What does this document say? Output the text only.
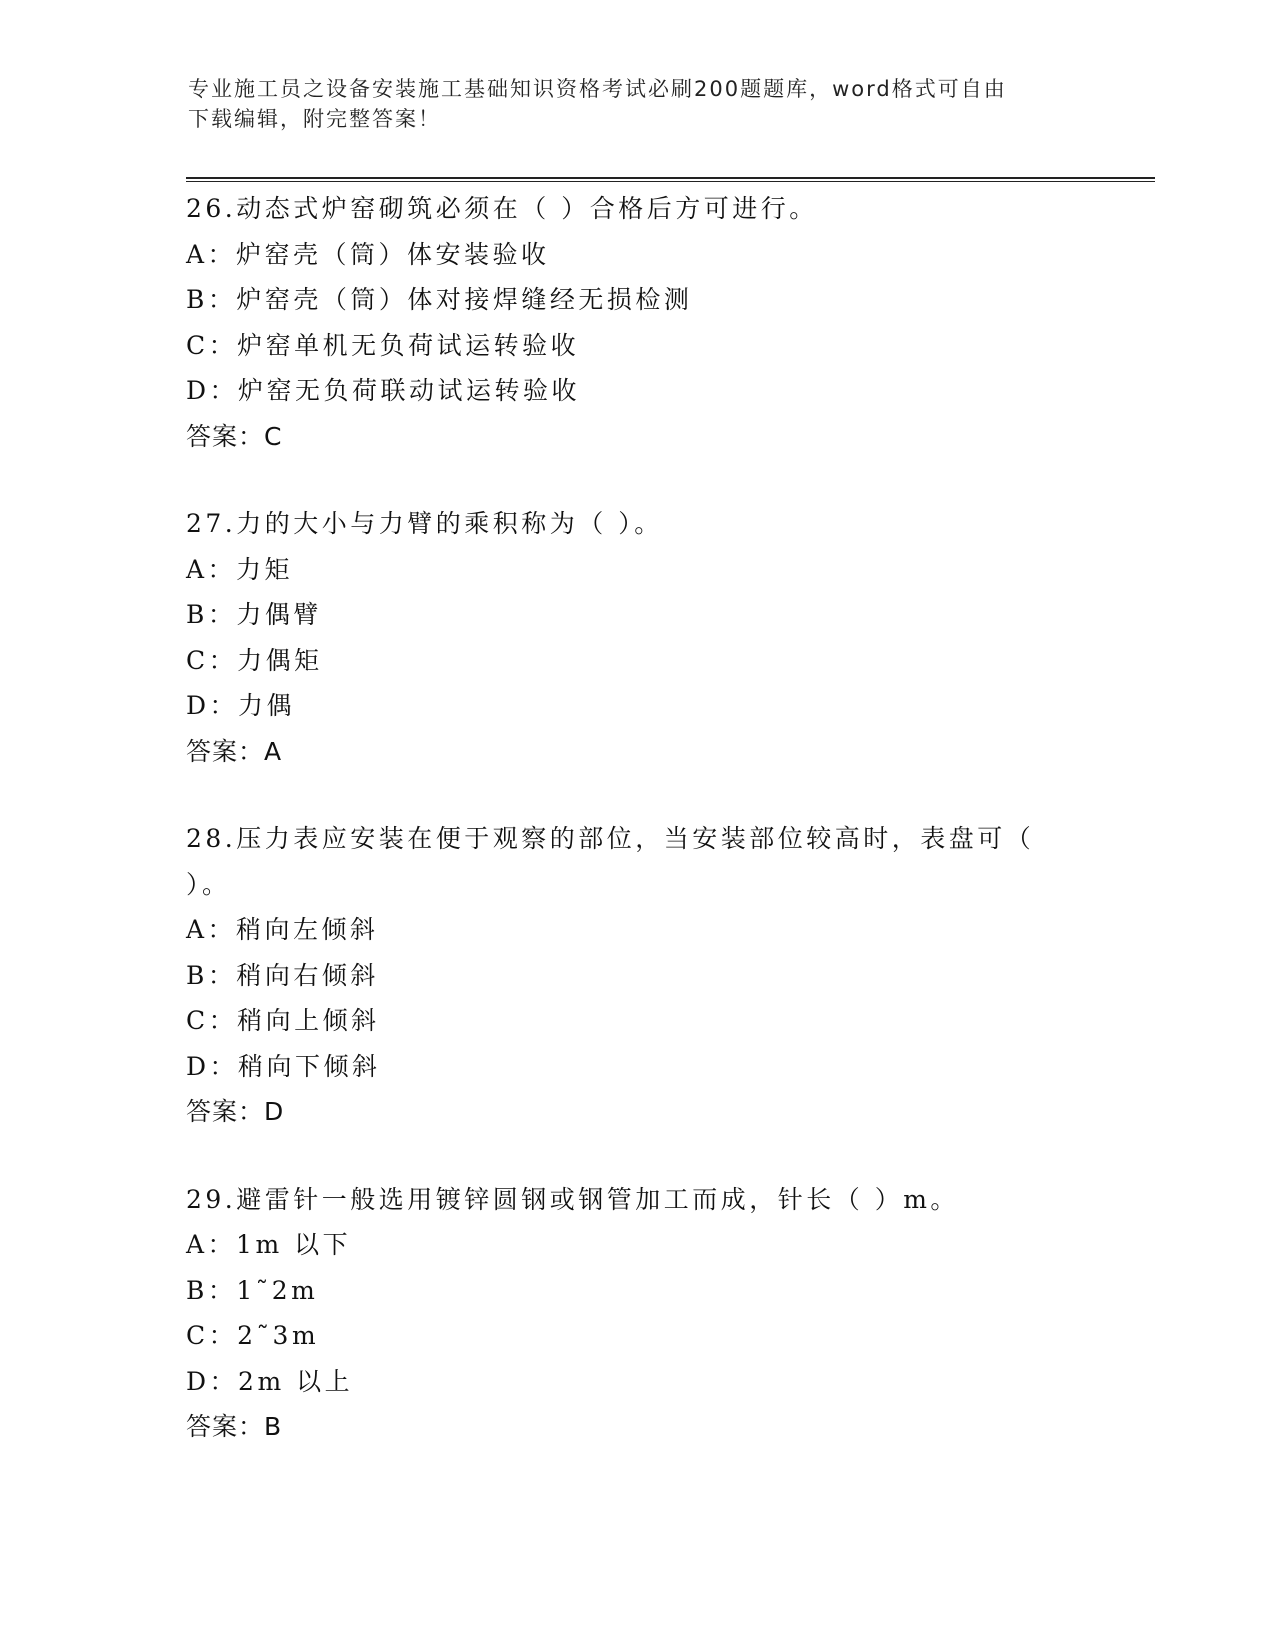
专业施工员之设备安装施工基础知识资格考试必刷200题题库，word格式可自由
下载编辑，附完整答案！

26.动态式炉窑砌筑必须在（ ）合格后方可进行。

A：炉窑壳（筒）体安装验收

B：炉窑壳（筒）体对接焊缝经无损检测

C：炉窑单机无负荷试运转验收

D：炉窑无负荷联动试运转验收

答案：C

27.力的大小与力臂的乘积称为（ ）。

A：力矩

B：力偶臂

C：力偶矩

D：力偶

答案：A

28.压力表应安装在便于观察的部位，当安装部位较高时，表盘可（

）。

A：稍向左倾斜

B：稍向右倾斜

C：稍向上倾斜

D：稍向下倾斜

答案：D

29.避雷针一般选用镀锌圆钢或钢管加工而成，针长（ ）m。

A：1m 以下

B：1˜2m

C：2˜3m

D：2m 以上

答案：B
